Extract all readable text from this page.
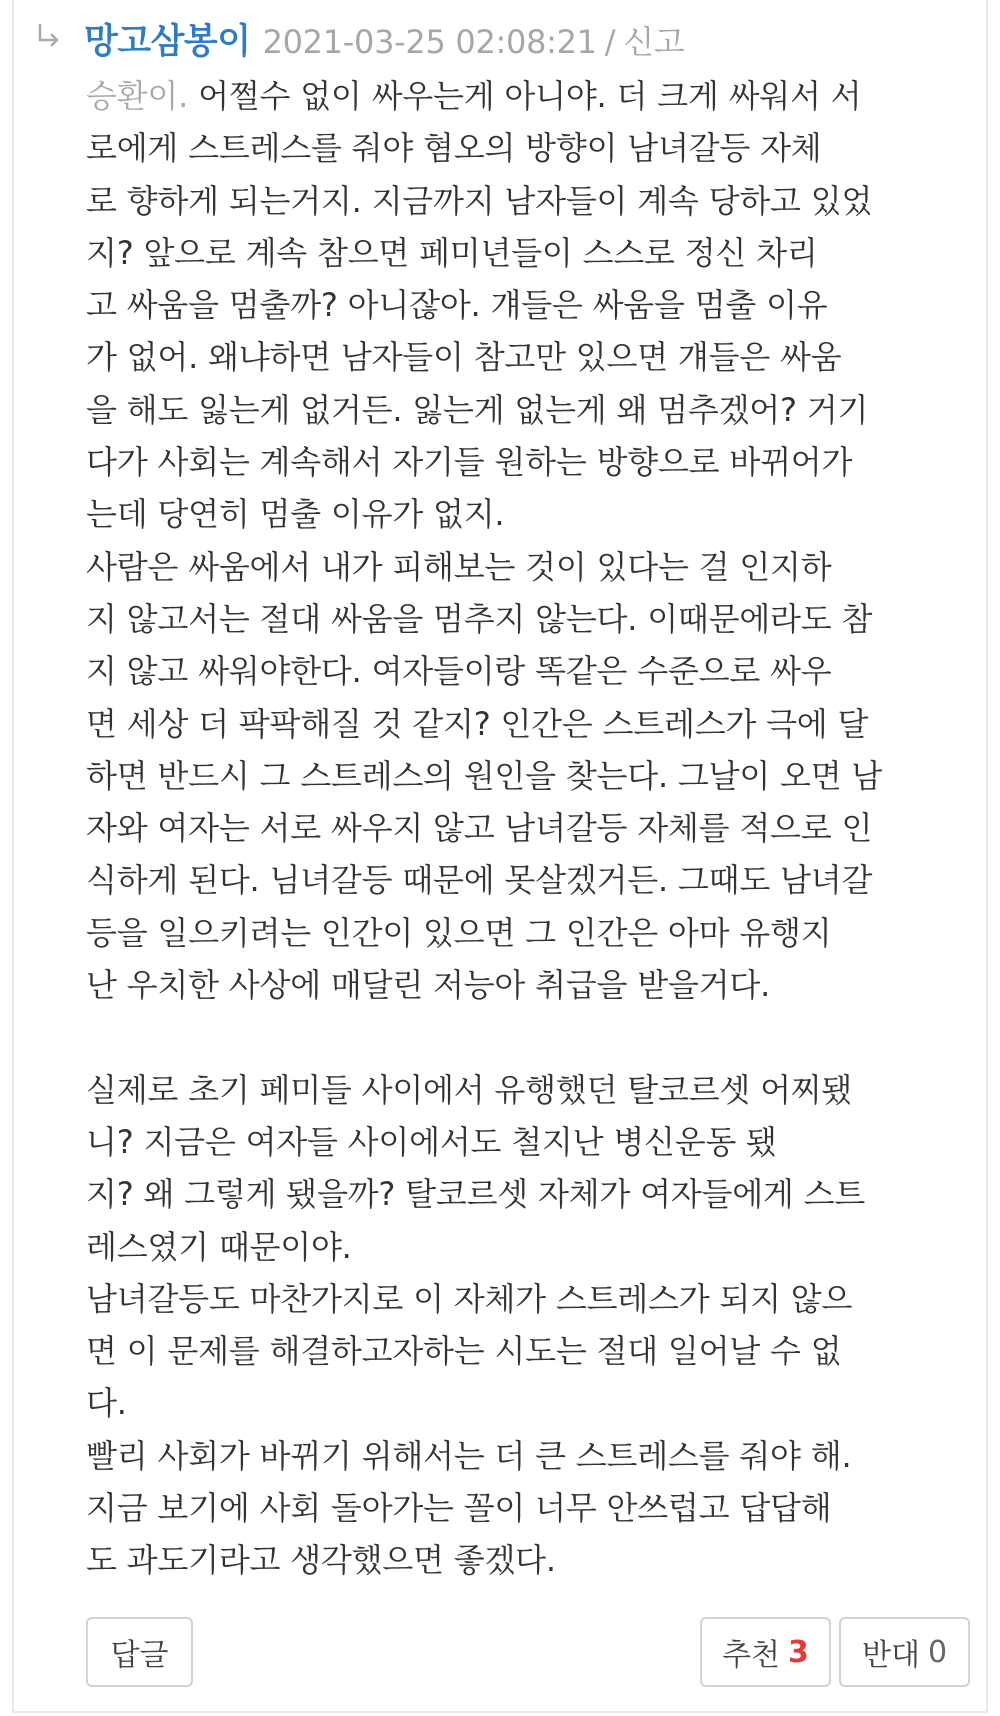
망고삼봉이 2021-03-25 02:08:21 / 신고
승환이. 어쩔수 없이 싸우는게 아니야. 더 크게 싸워서 서
로에게 스트레스를 줘야 혐오의 방향이 남녀갈등 자체
로 향하게 되는거지. 지금까지 남자들이 계속 당하고 있었
지? 앞으로 계속 참으면 페미년들이 스스로 정신 차리
고 싸움을 멈출까? 아니잖아. 걔들은 싸움을 멈출 이유
가 없어. 왜냐하면 남자들이 참고만 있으면 걔들은 싸움
을 해도 잃는게 없거든. 잃는게 없는게 왜 멈추겠어? 거기
다가 사회는 계속해서 자기들 원하는 방향으로 바뀌어가
는데 당연히 멈출 이유가 없지.
사람은 싸움에서 내가 피해보는 것이 있다는 걸 인지하
지 않고서는 절대 싸움을 멈추지 않는다. 이때문에라도 참
지 않고 싸워야한다. 여자들이랑 똑같은 수준으로 싸우
면 세상 더 팍팍해질 것 같지? 인간은 스트레스가 극에 달
하면 반드시 그 스트레스의 원인을 찾는다. 그날이 오면 남
자와 여자는 서로 싸우지 않고 남녀갈등 자체를 적으로 인
식하게 된다. 님녀갈등 때문에 못살겠거든. 그때도 남녀갈
등을 일으키려는 인간이 있으면 그 인간은 아마 유행지
난 우치한 사상에 매달린 저능아 취급을 받을거다.
실제로 초기 페미들 사이에서 유행했던 탈코르셋 어찌됐
니? 지금은 여자들 사이에서도 철지난 병신운동 됐
지? 왜 그렇게 됐을까? 탈코르셋 자체가 여자들에게 스트
레스였기 때문이야.
남녀갈등도 마찬가지로 이 자체가 스트레스가 되지 않으
면 이 문제를 해결하고자하는 시도는 절대 일어날 수 없
다.
빨리 사회가 바뀌기 위해서는 더 큰 스트레스를 줘야 해.
지금 보기에 사회 돌아가는 꼴이 너무 안쓰럽고 답답해
도 과도기라고 생각했으면 좋겠다.
답글	추천 3 반대 0
